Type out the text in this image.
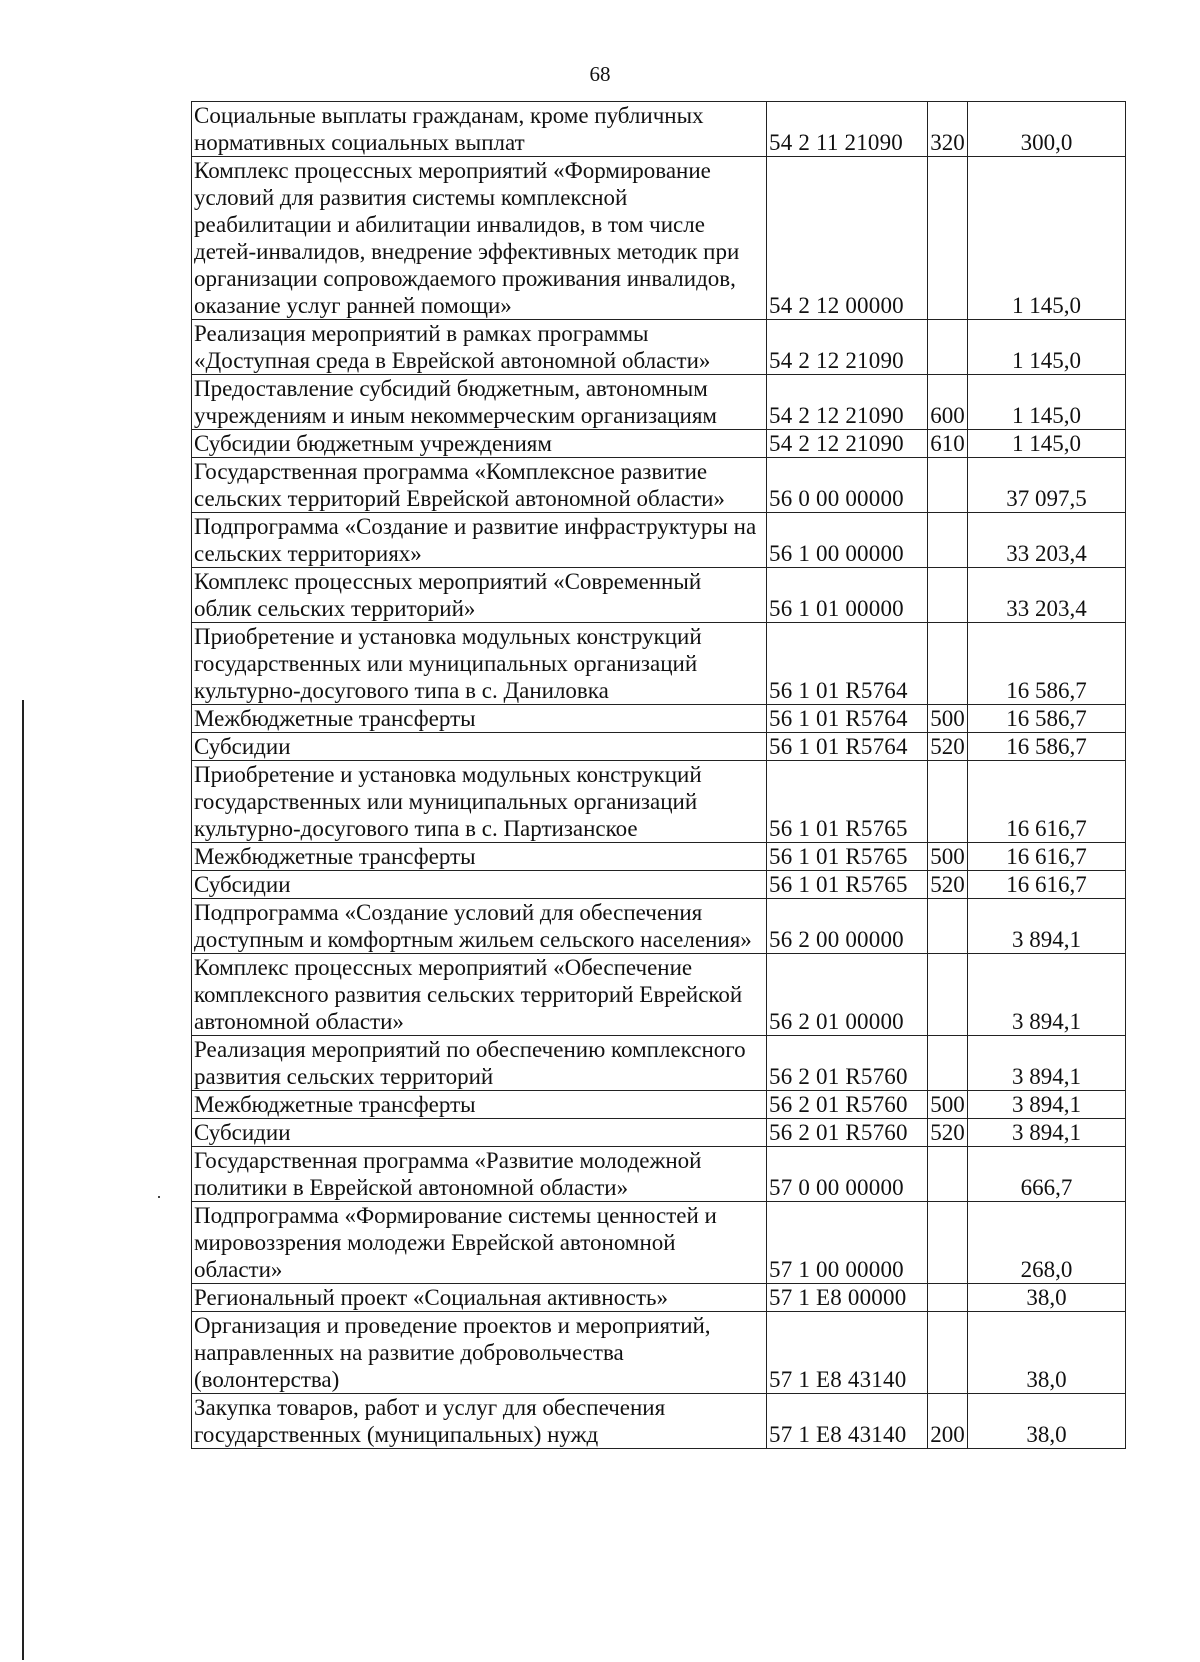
68
Социальные выплаты гражданам, кроме публичных нормативных социальных выплат	54 2 11 21090	320	300,0
Комплекс процессных мероприятий «Формирование условий для развития системы комплексной реабилитации и абилитации инвалидов, в том числе детей-инвалидов, внедрение эффективных методик при организации сопровождаемого проживания инвалидов, оказание услуг ранней помощи»	54 2 12 00000		1 145,0
Реализация мероприятий в рамках программы «Доступная среда в Еврейской автономной области»	54 2 12 21090		1 145,0
Предоставление субсидий бюджетным, автономным учреждениям и иным некоммерческим организациям	54 2 12 21090	600	1 145,0
Субсидии бюджетным учреждениям	54 2 12 21090	610	1 145,0
Государственная программа «Комплексное развитие сельских территорий Еврейской автономной области»	56 0 00 00000		37 097,5
Подпрограмма «Создание и развитие инфраструктуры на сельских территориях»	56 1 00 00000		33 203,4
Комплекс процессных мероприятий «Современный облик сельских территорий»	56 1 01 00000		33 203,4
Приобретение и установка модульных конструкций государственных или муниципальных организаций культурно-досугового типа в с. Даниловка	56 1 01 R5764		16 586,7
Межбюджетные трансферты	56 1 01 R5764	500	16 586,7
Субсидии	56 1 01 R5764	520	16 586,7
Приобретение и установка модульных конструкций государственных или муниципальных организаций культурно-досугового типа в с. Партизанское	56 1 01 R5765		16 616,7
Межбюджетные трансферты	56 1 01 R5765	500	16 616,7
Субсидии	56 1 01 R5765	520	16 616,7
Подпрограмма «Создание условий для обеспечения доступным и комфортным жильем сельского населения»	56 2 00 00000		3 894,1
Комплекс процессных мероприятий «Обеспечение комплексного развития сельских территорий Еврейской автономной области»	56 2 01 00000		3 894,1
Реализация мероприятий по обеспечению комплексного развития сельских территорий	56 2 01 R5760		3 894,1
Межбюджетные трансферты	56 2 01 R5760	500	3 894,1
Субсидии	56 2 01 R5760	520	3 894,1
Государственная программа «Развитие молодежной политики в Еврейской автономной области»	57 0 00 00000		666,7
Подпрограмма «Формирование системы ценностей и мировоззрения молодежи Еврейской автономной области»	57 1 00 00000		268,0
Региональный проект «Социальная активность»	57 1 E8 00000		38,0
Организация и проведение проектов и мероприятий, направленных на развитие добровольчества (волонтерства)	57 1 E8 43140		38,0
Закупка товаров, работ и услуг для обеспечения государственных (муниципальных) нужд	57 1 E8 43140	200	38,0
